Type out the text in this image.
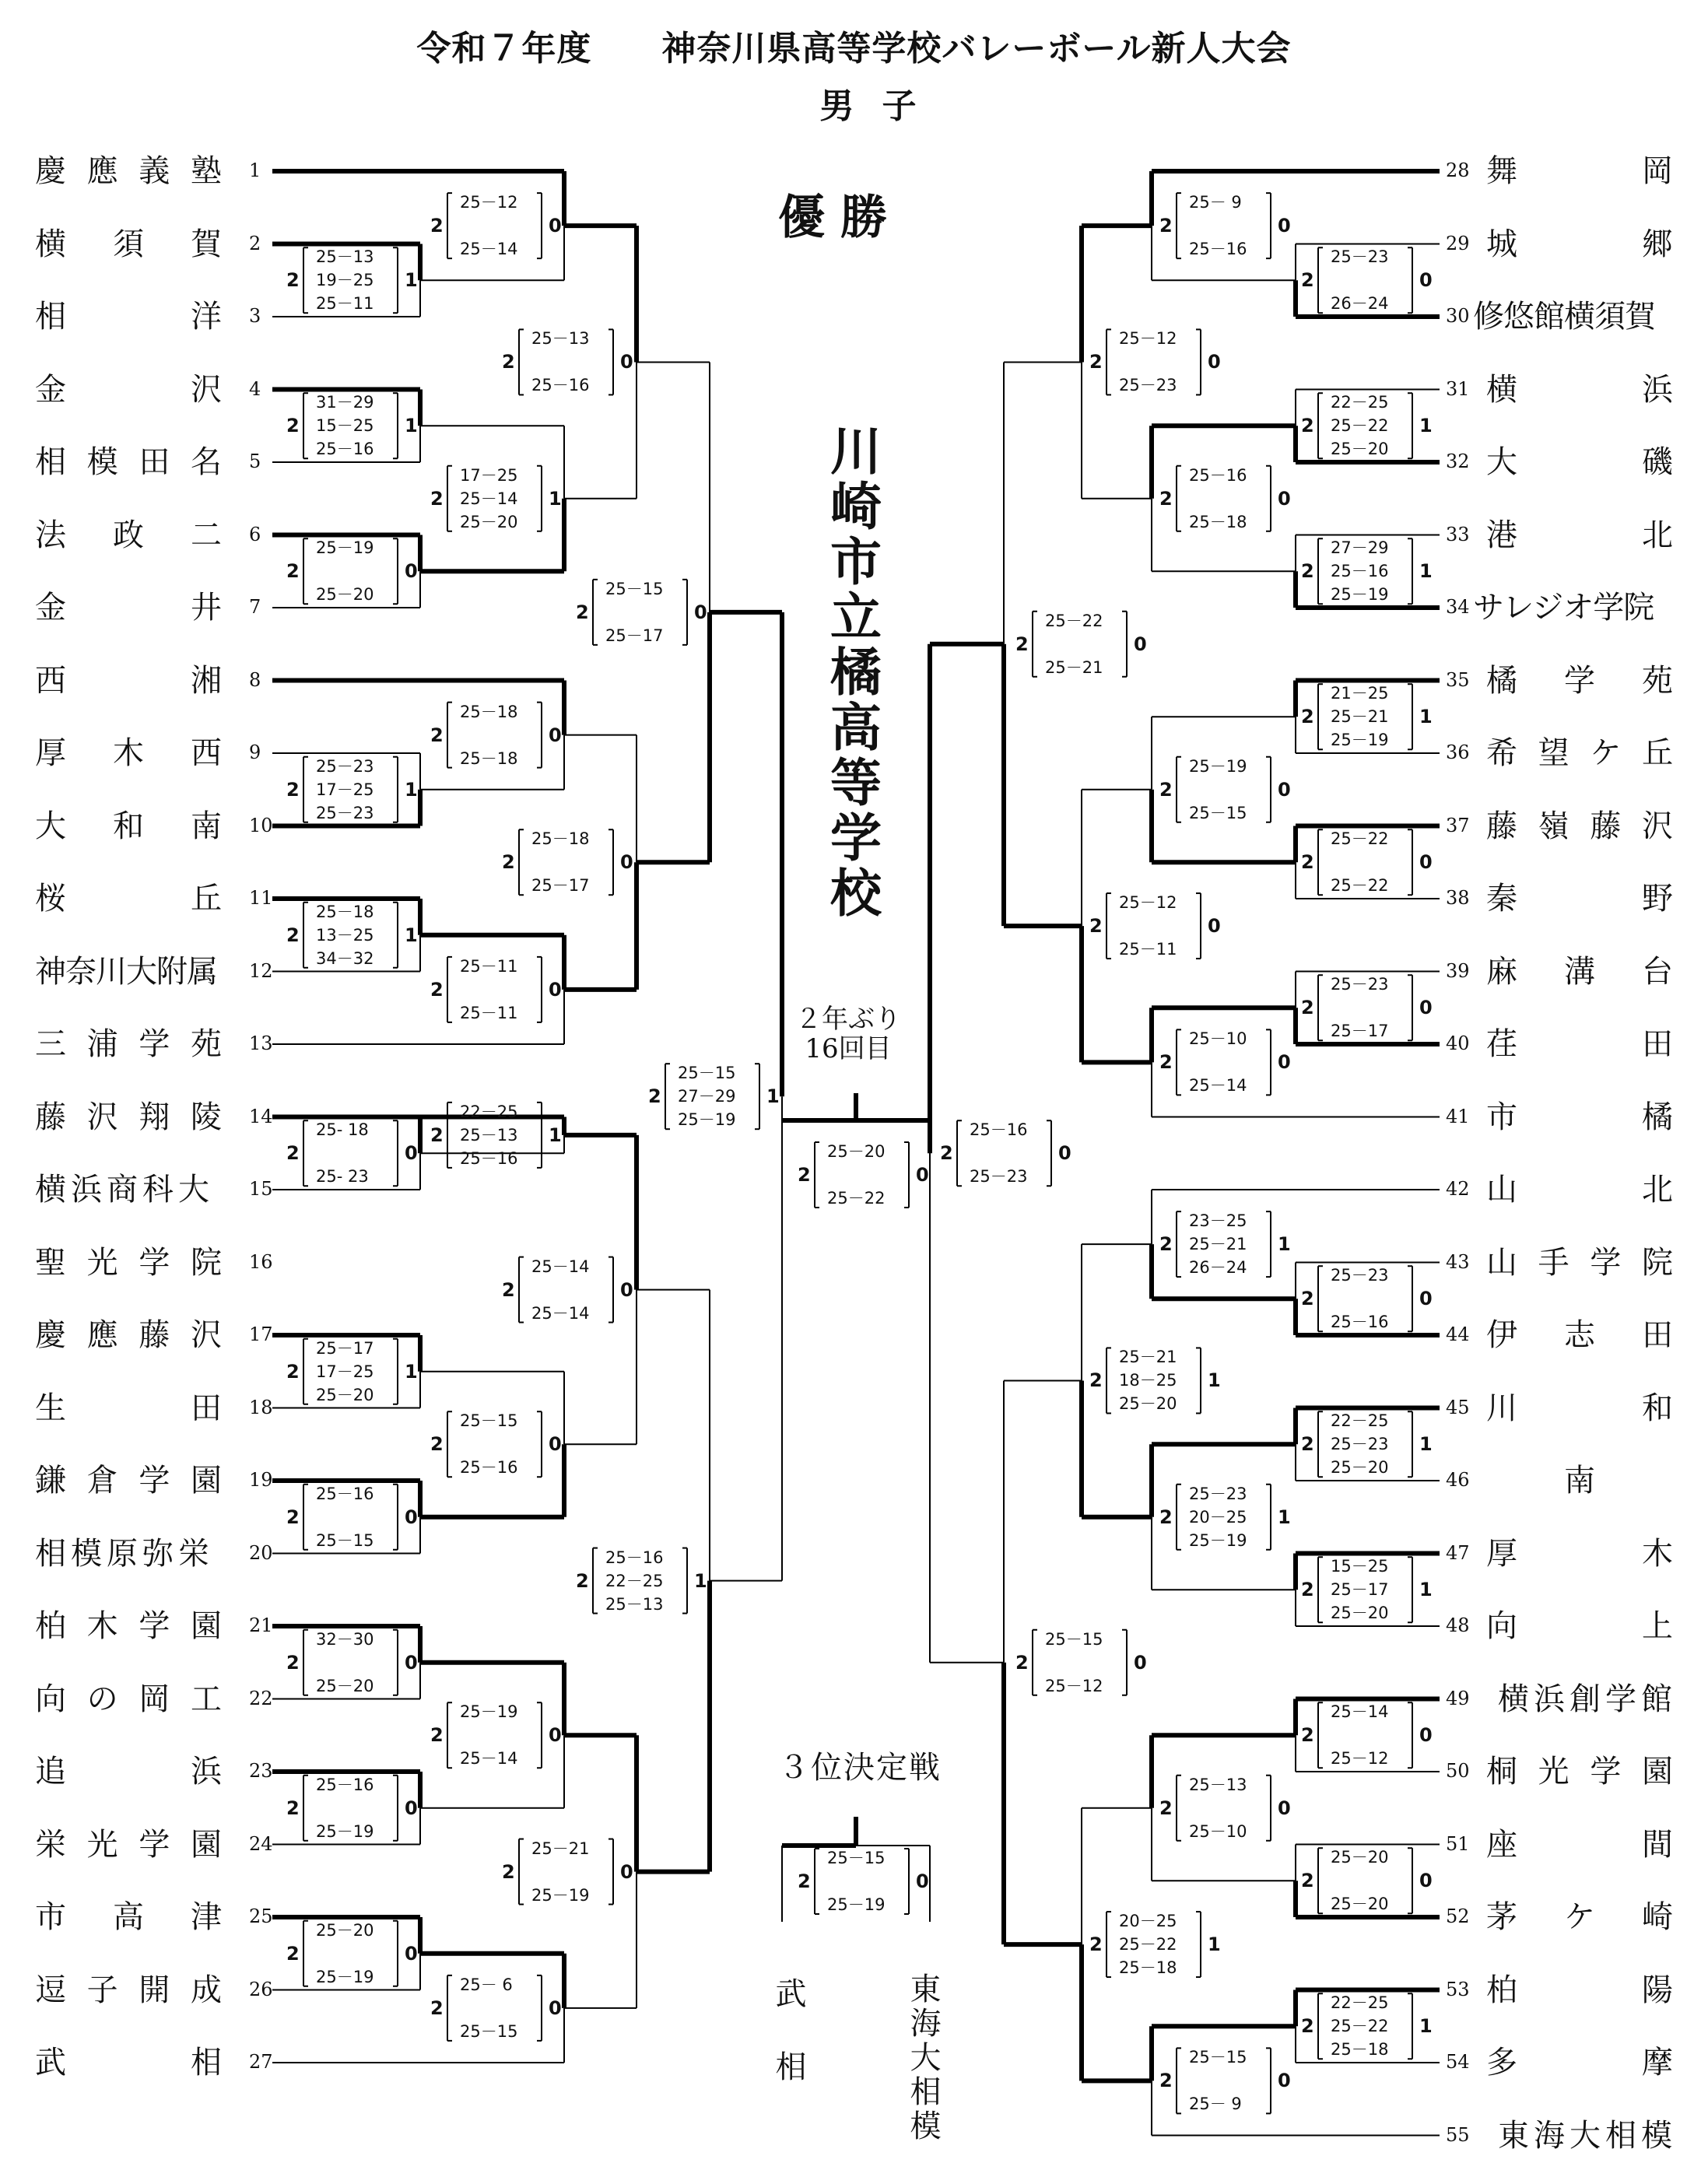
令和７年度　　神奈川県高等学校バレーボール新人大会
男子
優勝
川崎市立橘高等学校
２年ぶり
16回目
３位決定戦
武相	東海大相模
慶 應 義 塾 1
横 須 賀 2
相	洋 3
金	沢 4
相 模 田 名 5
法 政 二 6
金	井 7
西	湘 8
厚 木 西 9
大 和 南 10
桜	丘 11
神奈川大附属 12
三 浦 学 苑 13
藤 沢 翔 陵 14
横浜商科大 15
聖 光 学 院 16
慶 應 藤 沢 17
生	田 18
鎌 倉 学 園 19
相模原弥栄 20
柏 木 学 園 21
向 の 岡 工 22
追	浜 23
栄 光 学 園 24
市 高 津 25
逗 子 開 成 26
武	相 27
舞	岡
28
城	郷
29
修悠館横須賀
30
横	浜
31
大	磯
32
港	北
33
サレジオ学院
34
橘 学 苑
35
希 望 ケ 丘
36
藤 嶺 藤 沢
37
秦	野
38
麻 溝 台
39
荏	田
40
市	橘
41
山	北
42
山 手 学 院
43
伊 志 田
44
川	和
45
南
46
厚	木
47
向	上
48
横浜創学館
49
桐 光 学 園
50
座	間
51
茅 ケ 崎
52
柏	陽
53
多	摩
54
東海大相模
55
2
25－13
19－25
25－11
1
2
31－29
15－25
25－16
1
2
25－19
25－20
0
2
25－23
17－25
25－23
1
2
25－18
13－25
34－32
1
2
25- 18
25- 23
0
2
25－17
17－25
25－20
1
2
25－16
25－15
0
2
32－30
25－20
0
2
25－16
25－19
0
2
25－20
25－19
0
2
25－12
25－14
0
2
17－25
25－14
25－20
1
2
25－18
25－18
0
2
25－11
25－11
0
2
22－25
25－13
25－16
1
2
25－15
25－16
0
2
25－19
25－14
0
2
25－ 6
25－15
0
2
25－13
25－16
0
2
25－18
25－17
0
2
25－14
25－14
0
2
25－21
25－19
0
2
25－15
25－17
0
2
25－16
22－25
25－13
1
2
25－15
27－29
25－19
1
2
25－23
26－24
0
2
22－25
25－22
25－20
1
2
27－29
25－16
25－19
1
2
21－25
25－21
25－19
1
2
25－22
25－22
0
2
25－23
25－17
0
2
25－23
25－16
0
2
22－25
25－23
25－20
1
2
15－25
25－17
25－20
1
2
25－14
25－12
0
2
25－20
25－20
0
2
22－25
25－22
25－18
1
2
25－ 9
25－16
0
2
25－16
25－18
0
2
25－19
25－15
0
2
25－10
25－14
0
2
23－25
25－21
26－24
1
2
25－23
20－25
25－19
1
2
25－13
25－10
0
2
25－15
25－ 9
0
2
25－12
25－23
0
2
25－12
25－11
0
2
25－21
18－25
25－20
1
2
20－25
25－22
25－18
1
2
25－22
25－21
0
2
25－15
25－12
0
2
25－16
25－23
0
2
25－20
25－22
0
2
25－15
25－19
0
